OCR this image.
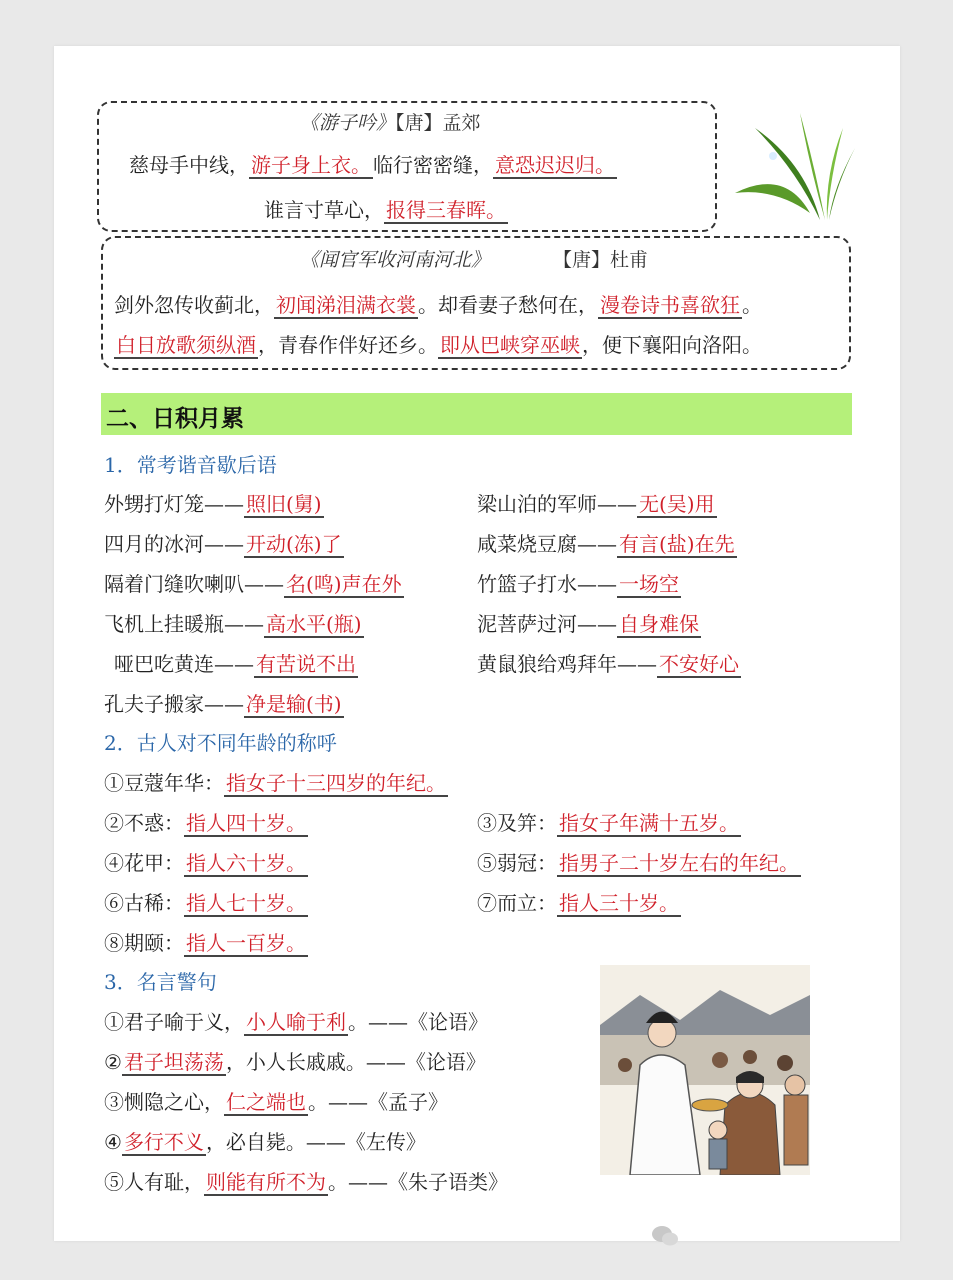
《游子吟》【唐】孟郊
慈母手中线， 游子身上衣。 临行密密缝， 意恐迟迟归。
谁言寸草心， 报得三春晖。
《闻官军收河南河北》	【唐】杜甫
剑外忽传收蓟北， 初闻涕泪满衣裳 。却看妻子愁何在， 漫卷诗书喜欲狂 。
白日放歌须纵酒 ，青春作伴好还乡。 即从巴峡穿巫峡 ，便下襄阳向洛阳。
二、日积月累
1．常考谐音歇后语
外甥打灯笼—— 照旧(舅)	梁山泊的军师—— 无(吴)用
四月的冰河—— 开动(冻)了	咸菜烧豆腐—— 有言(盐)在先
隔着门缝吹喇叭—— 名(鸣)声在外	竹篮子打水—— 一场空
飞机上挂暖瓶—— 高水平(瓶)	泥菩萨过河—— 自身难保
哑巴吃黄连—— 有苦说不出	黄鼠狼给鸡拜年—— 不安好心
孔夫子搬家—— 净是输(书)
2．古人对不同年龄的称呼
①豆蔻年华： 指女子十三四岁的年纪。
②不惑： 指人四十岁。	③及笄： 指女子年满十五岁。
④花甲： 指人六十岁。	⑤弱冠： 指男子二十岁左右的年纪。
⑥古稀： 指人七十岁。	⑦而立： 指人三十岁。
⑧期颐： 指人一百岁。
3．名言警句
①君子喻于义， 小人喻于利 。——《论语》
② 君子坦荡荡 ，小人长戚戚。——《论语》
③恻隐之心， 仁之端也 。——《孟子》
④ 多行不义 ，必自毙。——《左传》
⑤人有耻， 则能有所不为 。——《朱子语类》
